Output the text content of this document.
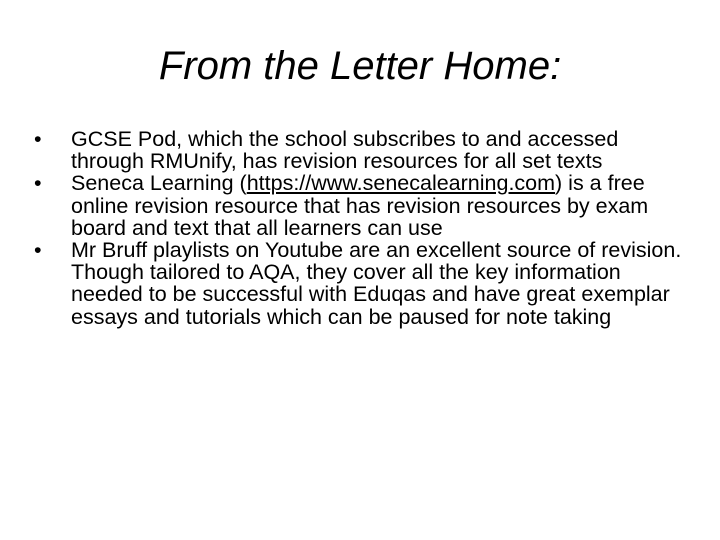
From the Letter Home:
•	GCSE Pod, which the school subscribes to and accessed through RMUnify, has revision resources for all set texts
•	Seneca Learning (https://www.senecalearning.com) is a free online revision resource that has revision resources by exam board and text that all learners can use
•	Mr Bruff playlists on Youtube are an excellent source of revision. Though tailored to AQA, they cover all the key information needed to be successful with Eduqas and have great exemplar essays and tutorials which can be paused for note taking
